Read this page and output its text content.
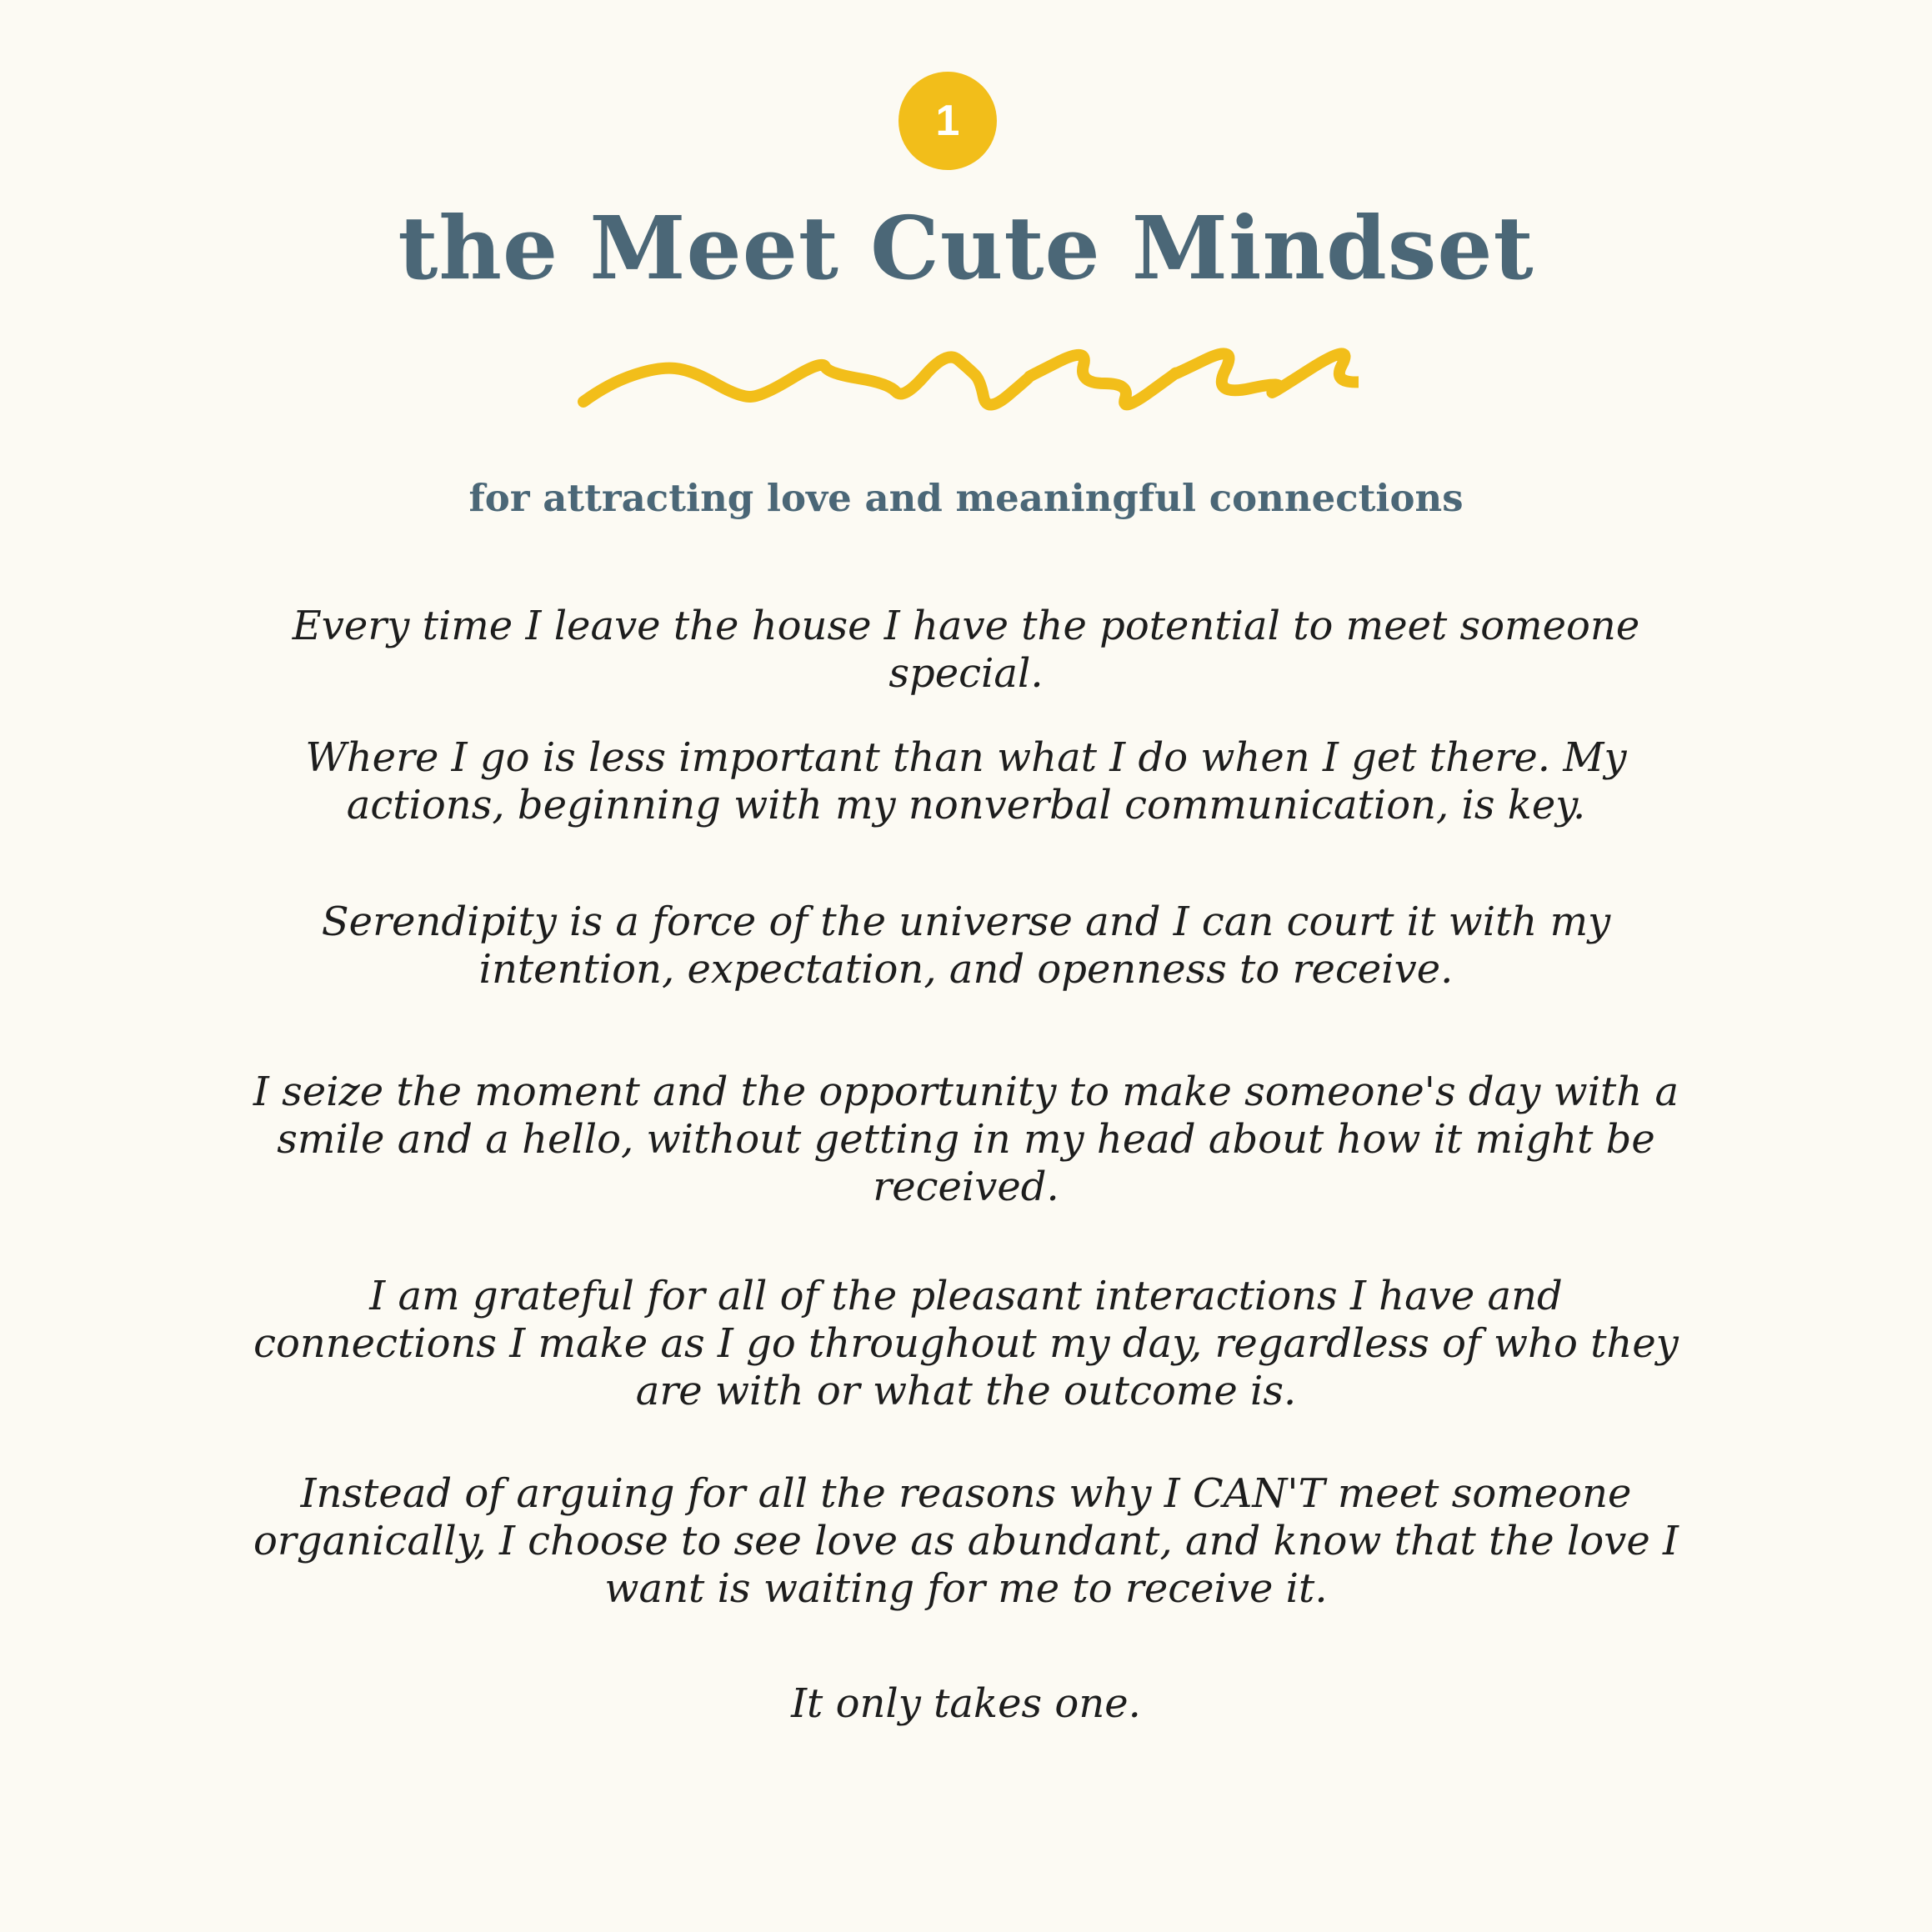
1
the Meet Cute Mindset
for attracting love and meaningful connections

Every time I leave the house I have the potential to meet someone special.

Where I go is less important than what I do when I get there. My actions, beginning with my nonverbal communication, is key.

Serendipity is a force of the universe and I can court it with my intention, expectation, and openness to receive.

I seize the moment and the opportunity to make someone's day with a smile and a hello, without getting in my head about how it might be received.

I am grateful for all of the pleasant interactions I have and connections I make as I go throughout my day, regardless of who they are with or what the outcome is.

Instead of arguing for all the reasons why I CAN'T meet someone organically, I choose to see love as abundant, and know that the love I want is waiting for me to receive it.

It only takes one.
